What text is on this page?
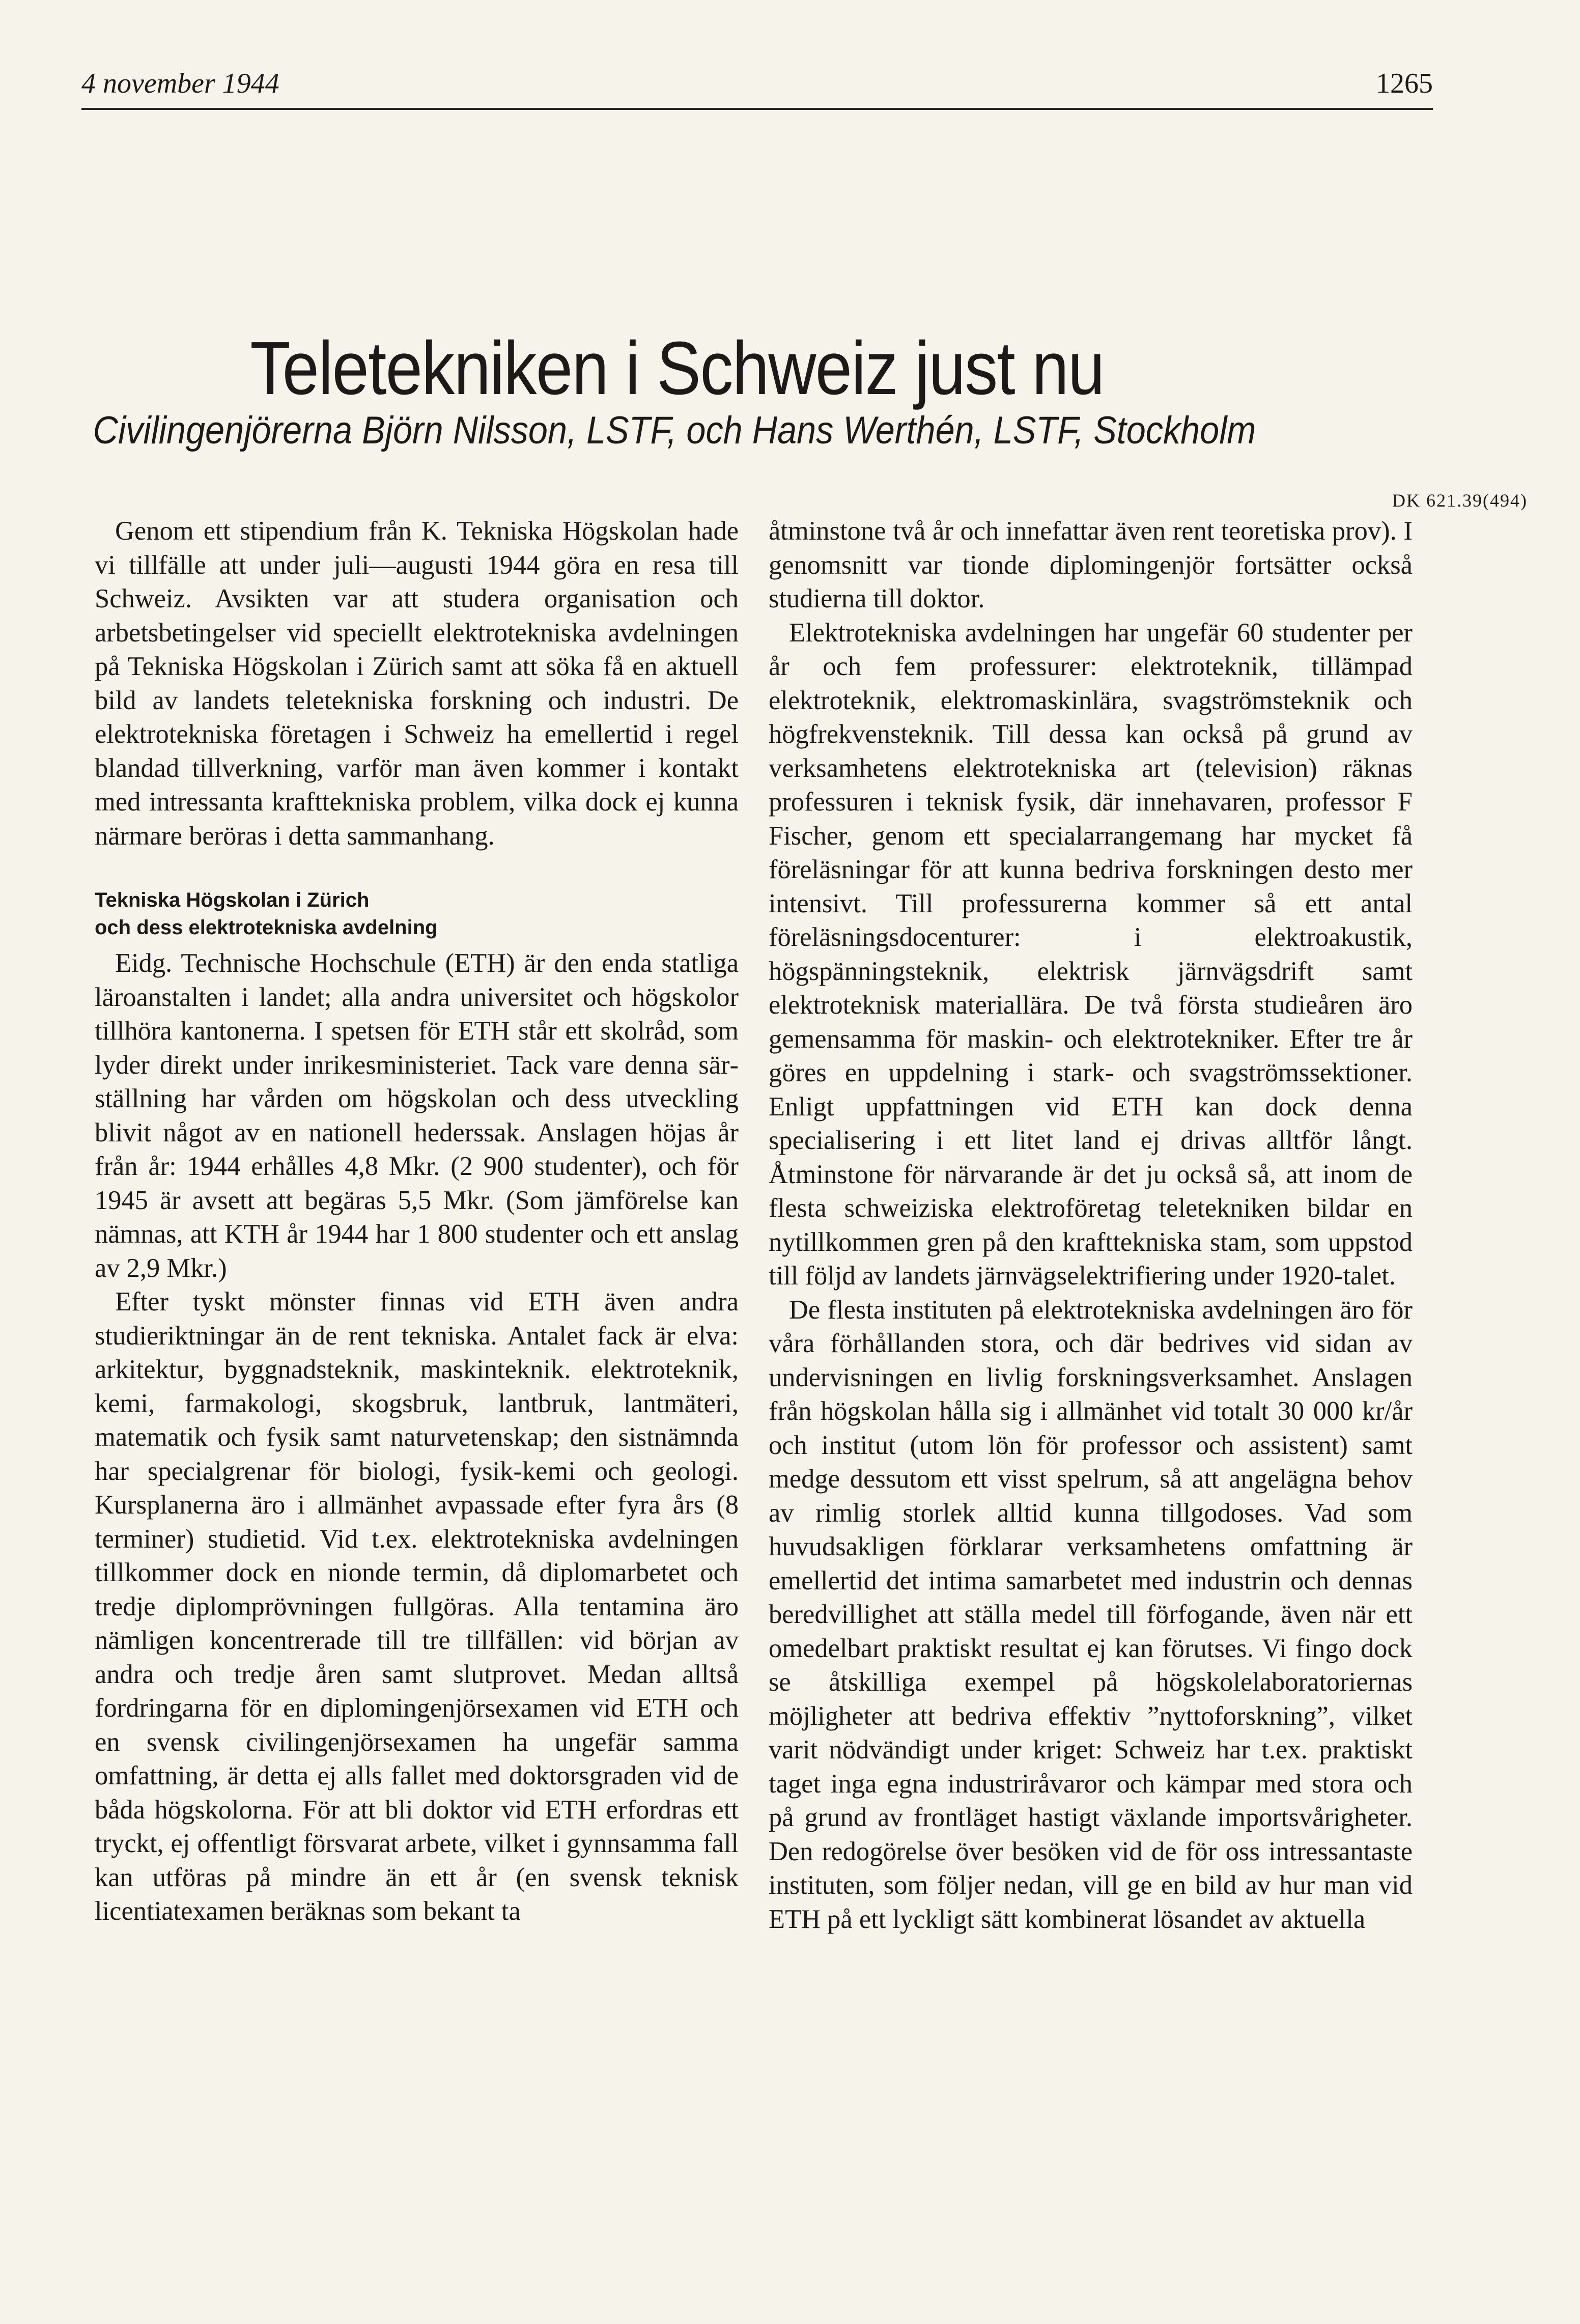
4 november 1944	1265
Teletekniken i Schweiz just nu
Civilingenjörerna Björn Nilsson, LSTF, och Hans Werthén, LSTF, Stockholm
DK 621.39(494)

Genom ett stipendium från K. Tekniska Högskolan hade vi tillfälle att under juli—augusti 1944 göra en resa till Schweiz. Avsikten var att studera organisation och arbetsbetingelser vid speciellt elektrotekniska avdelningen på Tekniska Högskolan i Zürich samt att söka få en aktuell bild av landets teletekniska forskning och industri. De elektrotekniska företagen i Schweiz ha emellertid i regel blandad tillverkning, varför man även kommer i kontakt med intressanta krafttekniska problem, vilka dock ej kunna närmare beröras i detta sammanhang.

Tekniska Högskolan i Zürich
och dess elektrotekniska avdelning

Eidg. Technische Hochschule (ETH) är den enda statliga läroanstalten i landet; alla andra universitet och högskolor tillhöra kantonerna. I spetsen för ETH står ett skolråd, som lyder direkt under inrikesministeriet. Tack vare denna särställning har vården om högskolan och dess utveckling blivit något av en nationell hederssak. Anslagen höjas år från år: 1944 erhålles 4,8 Mkr. (2 900 studenter), och för 1945 är avsett att begäras 5,5 Mkr. (Som jämförelse kan nämnas, att KTH år 1944 har 1 800 studenter och ett anslag av 2,9 Mkr.)

Efter tyskt mönster finnas vid ETH även andra studieriktningar än de rent tekniska. Antalet fack är elva: arkitektur, byggnadsteknik, maskinteknik. elektroteknik, kemi, farmakologi, skogsbruk, lantbruk, lantmäteri, matematik och fysik samt naturvetenskap; den sistnämnda har specialgrenar för biologi, fysik-kemi och geologi. Kursplanerna äro i allmänhet avpassade efter fyra års (8 terminer) studietid. Vid t.ex. elektrotekniska avdelningen tillkommer dock en nionde termin, då diplomarbetet och tredje diplomprövningen fullgöras. Alla tentamina äro nämligen koncentrerade till tre tillfällen: vid början av andra och tredje åren samt slutprovet. Medan alltså fordringarna för en diplomingenjörsexamen vid ETH och en svensk civilingenjörsexamen ha ungefär samma omfattning, är detta ej alls fallet med doktorsgraden vid de båda högskolorna. För att bli doktor vid ETH erfordras ett tryckt, ej offentligt försvarat arbete, vilket i gynnsamma fall kan utföras på mindre än ett år (en svensk teknisk licentiatexamen beräknas som bekant ta

åtminstone två år och innefattar även rent teoretiska prov). I genomsnitt var tionde diplomingenjör fortsätter också studierna till doktor.

Elektrotekniska avdelningen har ungefär 60 studenter per år och fem professurer: elektroteknik, tillämpad elektroteknik, elektromaskinlära, svagströmsteknik och högfrekvensteknik. Till dessa kan också på grund av verksamhetens elektrotekniska art (television) räknas professuren i teknisk fysik, där innehavaren, professor F Fischer, genom ett specialarrangemang har mycket få föreläsningar för att kunna bedriva forskningen desto mer intensivt. Till professurerna kommer så ett antal föreläsningsdocenturer: i elektroakustik, högspänningsteknik, elektrisk järnvägsdrift samt elektroteknisk materiallära. De två första studieåren äro gemensamma för maskin- och elektrotekniker. Efter tre år göres en uppdelning i stark- och svagströmssektioner. Enligt uppfattningen vid ETH kan dock denna specialisering i ett litet land ej drivas alltför långt. Åtminstone för närvarande är det ju också så, att inom de flesta schweiziska elektroföretag teletekniken bildar en nytillkommen gren på den krafttekniska stam, som uppstod till följd av landets järnvägselektrifiering under 1920-talet.

De flesta instituten på elektrotekniska avdelningen äro för våra förhållanden stora, och där bedrives vid sidan av undervisningen en livlig forskningsverksamhet. Anslagen från högskolan hålla sig i allmänhet vid totalt 30 000 kr/år och institut (utom lön för professor och assistent) samt medge dessutom ett visst spelrum, så att angelägna behov av rimlig storlek alltid kunna tillgodoses. Vad som huvudsakligen förklarar verksamhetens omfattning är emellertid det intima samarbetet med industrin och dennas beredvillighet att ställa medel till förfogande, även när ett omedelbart praktiskt resultat ej kan förutses. Vi fingo dock se åtskilliga exempel på högskolelaboratoriernas möjligheter att bedriva effektiv ”nyttoforskning”, vilket varit nödvändigt under kriget: Schweiz har t.ex. praktiskt taget inga egna industriråvaror och kämpar med stora och på grund av frontläget hastigt växlande importsvårigheter. Den redogörelse över besöken vid de för oss intressantaste instituten, som följer nedan, vill ge en bild av hur man vid ETH på ett lyckligt sätt kombinerat lösandet av aktuella
